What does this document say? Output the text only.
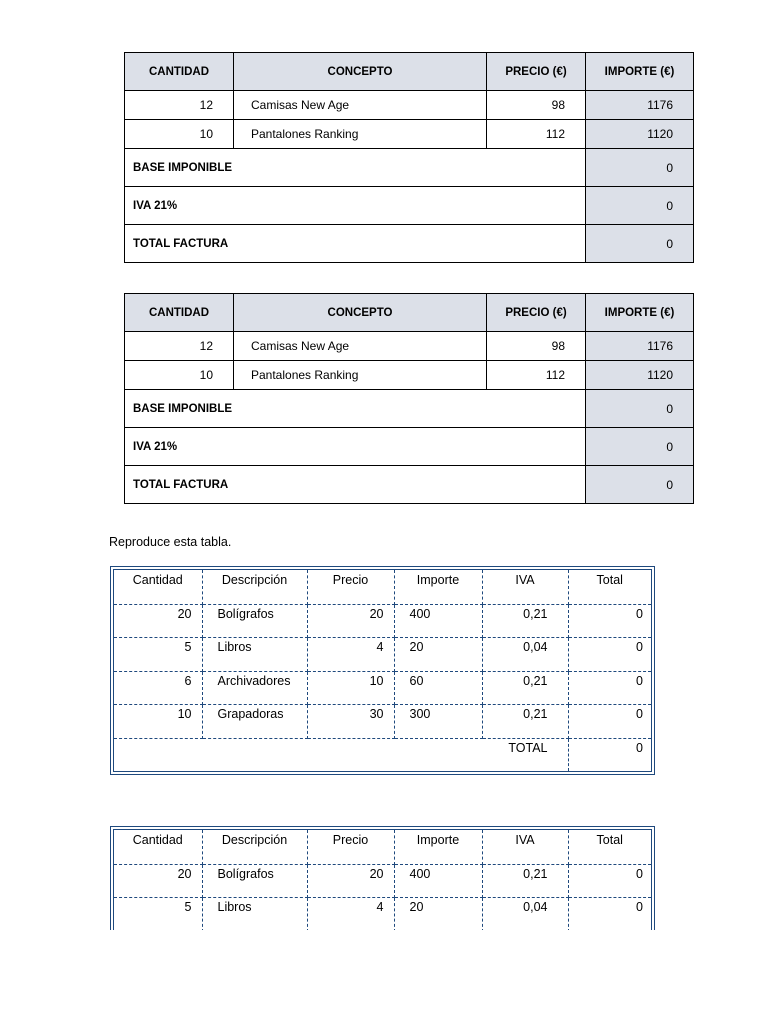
CANTIDAD	CONCEPTO	PRECIO (€)	IMPORTE (€)
12	Camisas New Age	98	1176
10	Pantalones Ranking	112	1120
BASE IMPONIBLE			0
IVA 21%			0
TOTAL FACTURA			0
CANTIDAD	CONCEPTO	PRECIO (€)	IMPORTE (€)
12	Camisas New Age	98	1176
10	Pantalones Ranking	112	1120
BASE IMPONIBLE			0
IVA 21%			0
TOTAL FACTURA			0
Reproduce esta tabla.
Cantidad	Descripción	Precio	Importe	IVA	Total
20	Bolígrafos	20	400	0,21	0
5	Libros	4	20	0,04	0
6	Archivadores	10	60	0,21	0
10	Grapadoras	30	300	0,21	0
TOTAL					0
Cantidad	Descripción	Precio	Importe	IVA	Total
20	Bolígrafos	20	400	0,21	0
5	Libros	4	20	0,04	0
